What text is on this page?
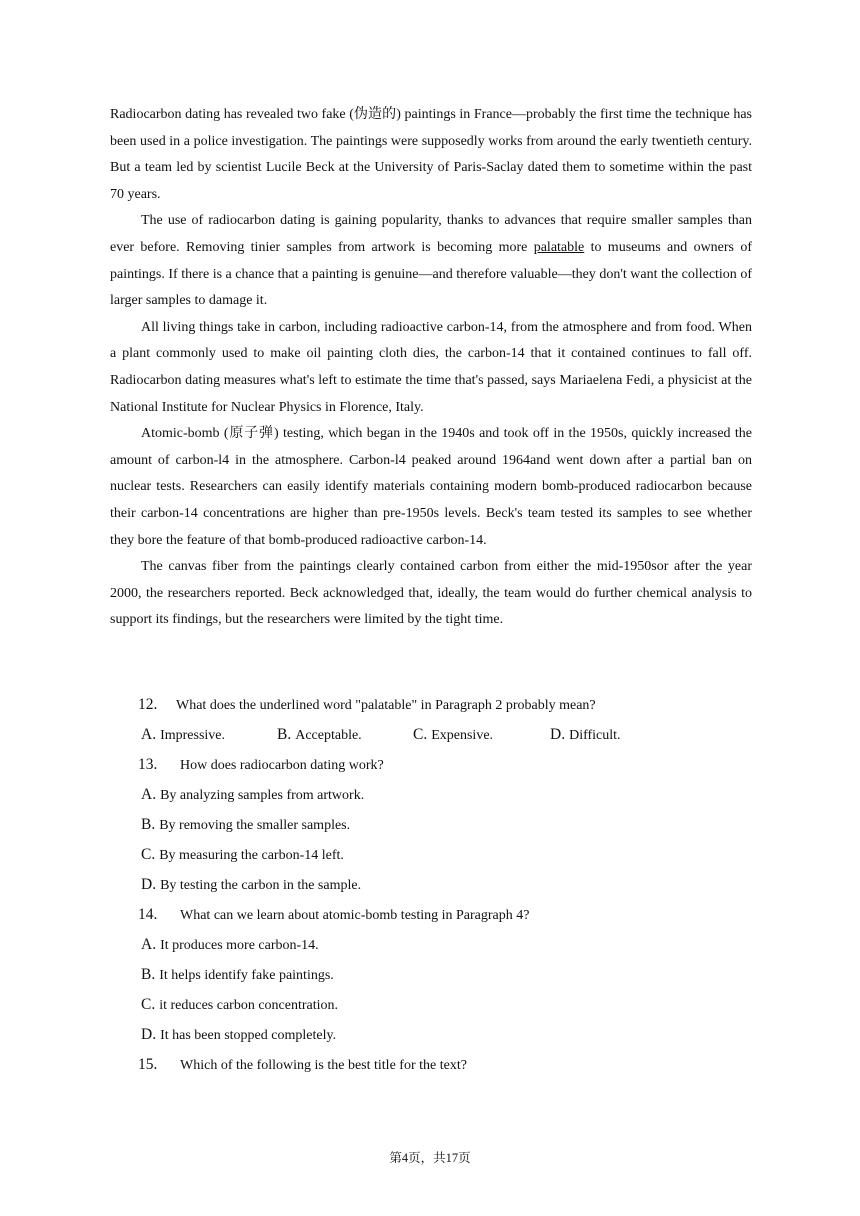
Radiocarbon dating has revealed two fake (伪造的) paintings in France—probably the first time the technique has been used in a police investigation. The paintings were supposedly works from around the early twentieth century. But a team led by scientist Lucile Beck at the University of Paris-Saclay dated them to sometime within the past 70 years.

The use of radiocarbon dating is gaining popularity, thanks to advances that require smaller samples than ever before. Removing tinier samples from artwork is becoming more palatable to museums and owners of paintings. If there is a chance that a painting is genuine—and therefore valuable—they don't want the collection of larger samples to damage it.

All living things take in carbon, including radioactive carbon-14, from the atmosphere and from food. When a plant commonly used to make oil painting cloth dies, the carbon-14 that it contained continues to fall off. Radiocarbon dating measures what's left to estimate the time that's passed, says Mariaelena Fedi, a physicist at the National Institute for Nuclear Physics in Florence, Italy.

Atomic-bomb (原子弹) testing, which began in the 1940s and took off in the 1950s, quickly increased the amount of carbon-l4 in the atmosphere. Carbon-l4 peaked around 1964and went down after a partial ban on nuclear tests. Researchers can easily identify materials containing modern bomb-produced radiocarbon because their carbon-14 concentrations are higher than pre-1950s levels. Beck's team tested its samples to see whether they bore the feature of that bomb-produced radioactive carbon-14.

The canvas fiber from the paintings clearly contained carbon from either the mid-1950sor after the year 2000, the researchers reported. Beck acknowledged that, ideally, the team would do further chemical analysis to support its findings, but the researchers were limited by the tight time.

12. What does the underlined word "palatable" in Paragraph 2 probably mean?
A. Impressive.	B. Acceptable.	C. Expensive.	D. Difficult.
13. How does radiocarbon dating work?
A. By analyzing samples from artwork.
B. By removing the smaller samples.
C. By measuring the carbon-14 left.
D. By testing the carbon in the sample.
14. What can we learn about atomic-bomb testing in Paragraph 4?
A. It produces more carbon-14.
B. It helps identify fake paintings.
C. it reduces carbon concentration.
D. It has been stopped completely.
15. Which of the following is the best title for the text?
第4页，共17页
